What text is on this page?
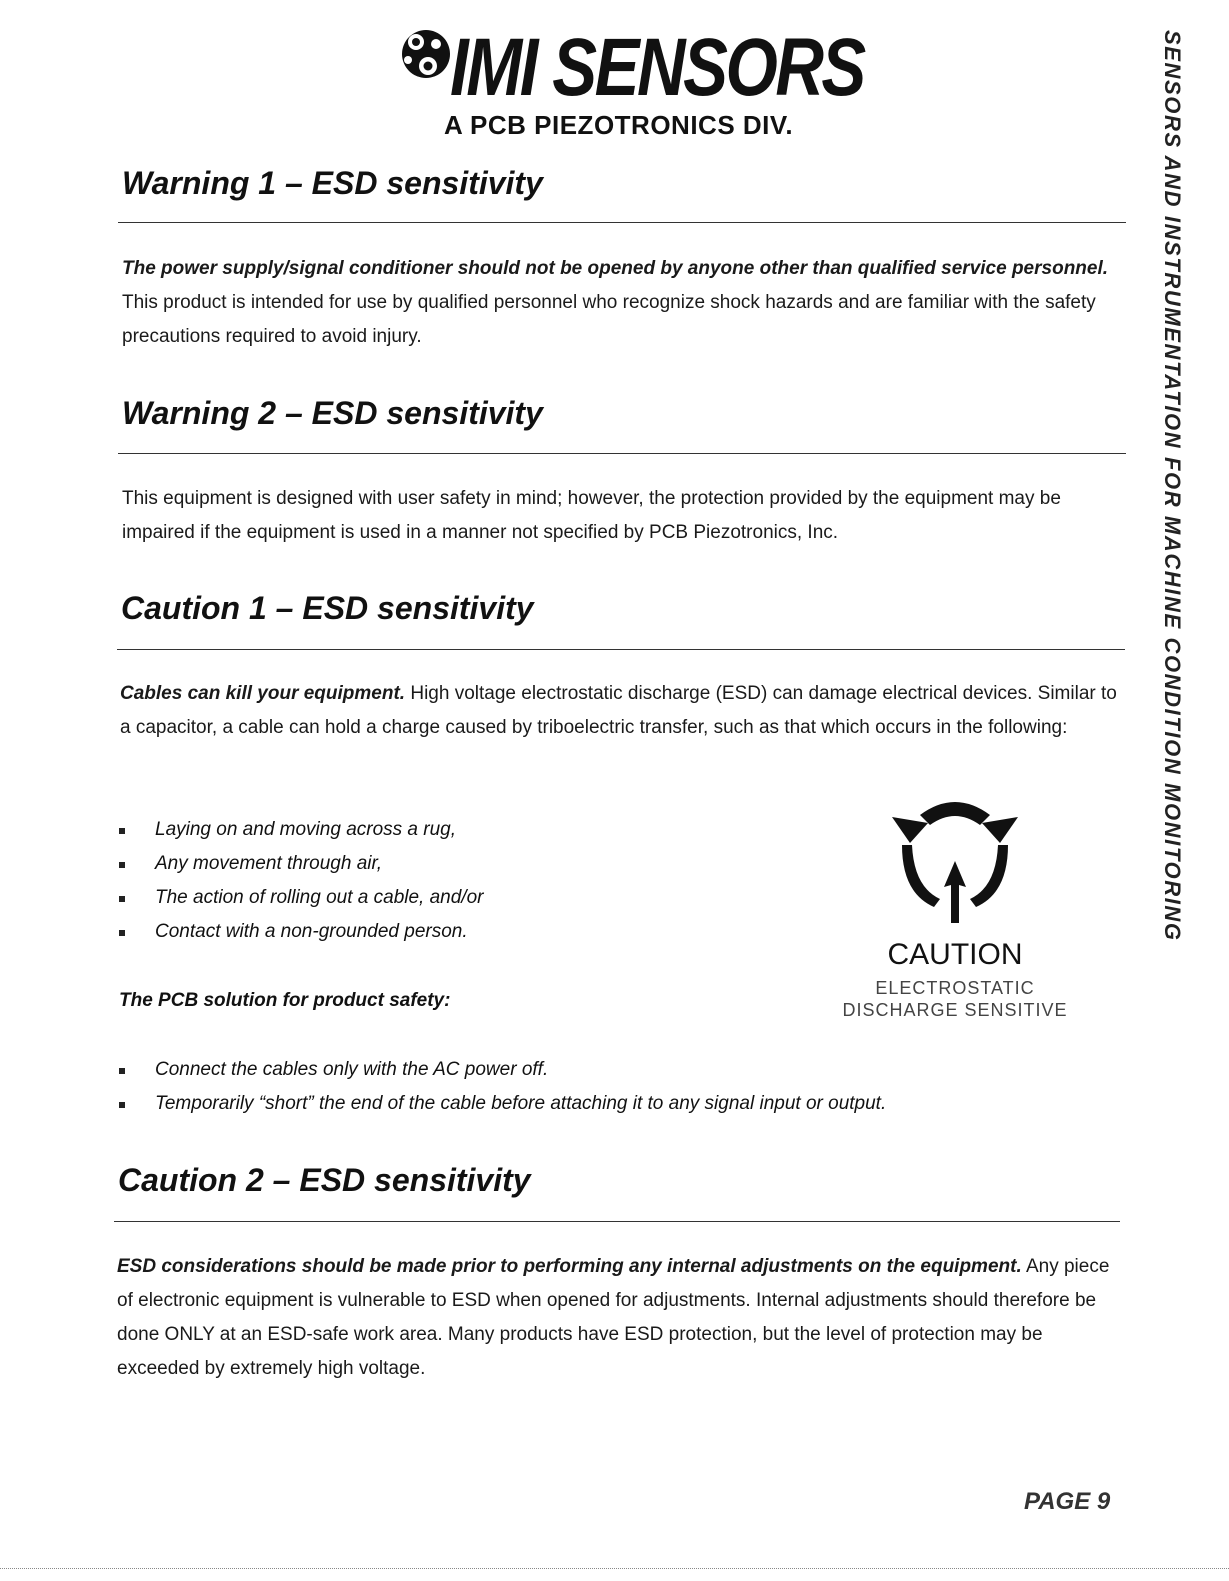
IMI SENSORS
A PCB PIEZOTRONICS DIV.
Warning 1 – ESD sensitivity
The power supply/signal conditioner should not be opened by anyone other than qualified service personnel. This product is intended for use by qualified personnel who recognize shock hazards and are familiar with the safety precautions required to avoid injury.
Warning 2 – ESD sensitivity
This equipment is designed with user safety in mind; however, the protection provided by the equipment may be impaired if the equipment is used in a manner not specified by PCB Piezotronics, Inc.
Caution 1 – ESD sensitivity
Cables can kill your equipment. High voltage electrostatic discharge (ESD) can damage electrical devices. Similar to a capacitor, a cable can hold a charge caused by triboelectric transfer, such as that which occurs in the following:
Laying on and moving across a rug,
Any movement through air,
The action of rolling out a cable, and/or
Contact with a non-grounded person.
The PCB solution for product safety:
Connect the cables only with the AC power off.
Temporarily “short” the end of the cable before attaching it to any signal input or output.
CAUTION
ELECTROSTATIC
DISCHARGE SENSITIVE
Caution 2 – ESD sensitivity
ESD considerations should be made prior to performing any internal adjustments on the equipment. Any piece of electronic equipment is vulnerable to ESD when opened for adjustments. Internal adjustments should therefore be done ONLY at an ESD-safe work area. Many products have ESD protection, but the level of protection may be exceeded by extremely high voltage.
SENSORS AND INSTRUMENTATION FOR MACHINE CONDITION MONITORING
PAGE 9
